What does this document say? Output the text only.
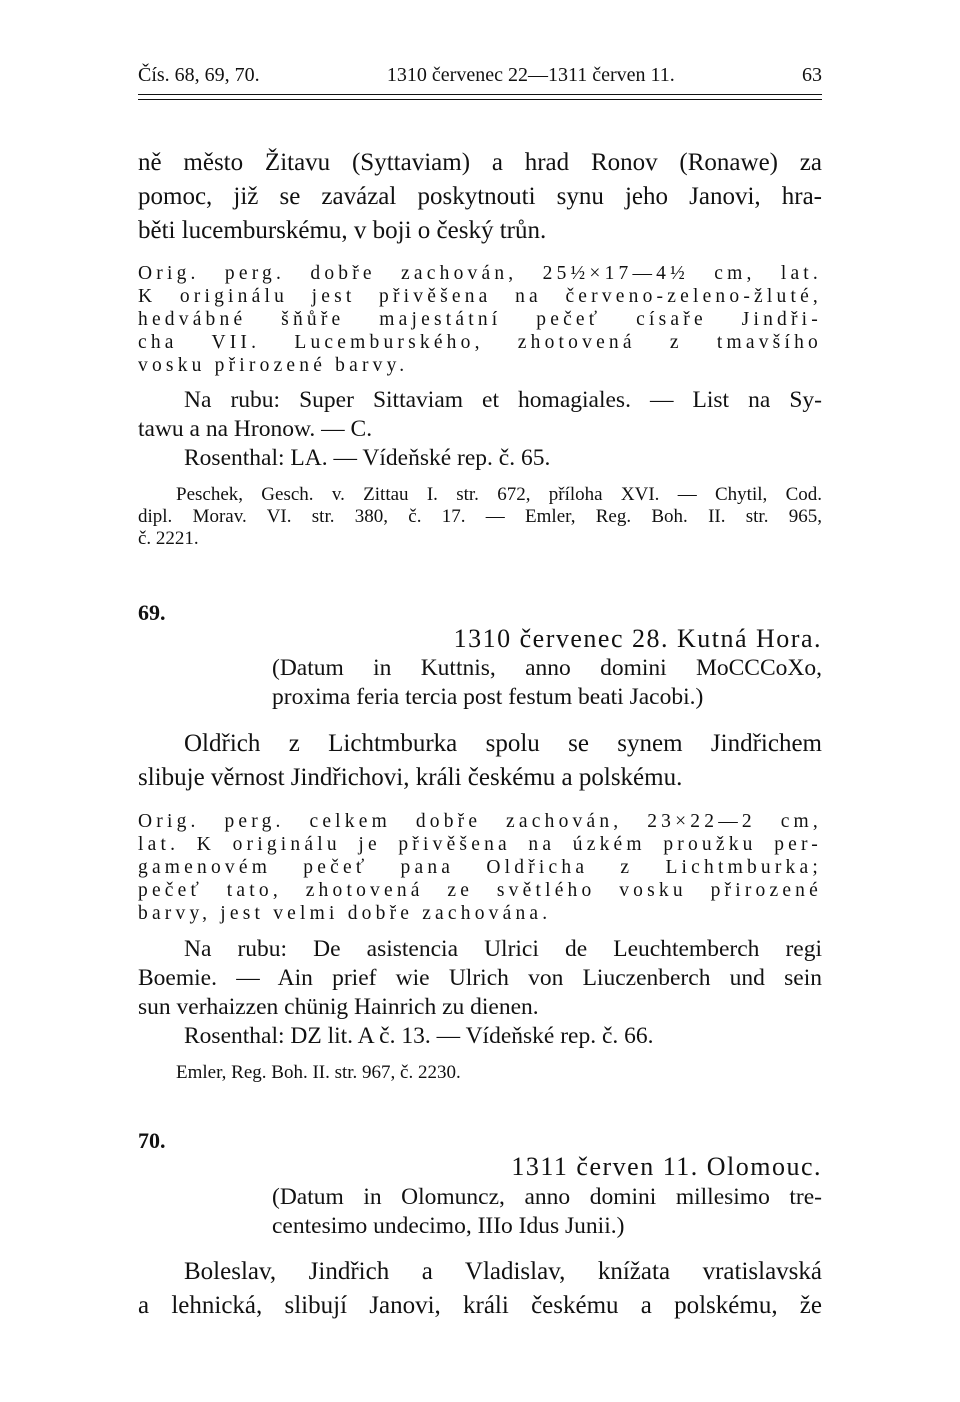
Čís. 68, 69, 70.	1310 červenec 22—1311 červen 11.	63
ně město Žitavu (Syttaviam) a hrad Ronov (Ronawe) za
pomoc, již se zavázal poskytnouti synu jeho Janovi, hra-
běti lucemburskému, v boji o český trůn.
Orig. perg. dobře zachován, 25½×17—4½ cm, lat.
K originálu jest přivěšena na červeno-zeleno-žluté,
hedvábné šňůře majestátní pečeť císaře Jindři-
cha VII. Lucemburského, zhotovená z tmavšího
vosku přirozené barvy.
Na rubu: Super Sittaviam et homagiales. — List na Sy-
tawu a na Hronow. — C.
Rosenthal: LA. — Vídeňské rep. č. 65.
Peschek, Gesch. v. Zittau I. str. 672, příloha XVI. — Chytil, Cod.
dipl. Morav. VI. str. 380, č. 17. — Emler, Reg. Boh. II. str. 965,
č. 2221.
69.
1310 červenec 28. Kutná Hora.
(Datum in Kuttnis, anno domini MoCCCoXo,
proxima feria tercia post festum beati Jacobi.)
Oldřich z Lichtmburka spolu se synem Jindřichem
slibuje věrnost Jindřichovi, králi českému a polskému.
Orig. perg. celkem dobře zachován, 23×22—2 cm,
lat. K originálu je přivěšena na úzkém proužku per-
gamenovém pečeť pana Oldřicha z Lichtmburka;
pečeť tato, zhotovená ze světlého vosku přirozené
barvy, jest velmi dobře zachována.
Na rubu: De asistencia Ulrici de Leuchtemberch regi
Boemie. — Ain prief wie Ulrich von Liuczenberch und sein
sun verhaizzen chünig Hainrich zu dienen.
Rosenthal: DZ lit. A č. 13. — Vídeňské rep. č. 66.
Emler, Reg. Boh. II. str. 967, č. 2230.
70.
1311 červen 11. Olomouc.
(Datum in Olomuncz, anno domini millesimo tre-
centesimo undecimo, IIIo Idus Junii.)
Boleslav, Jindřich a Vladislav, knížata vratislavská
a lehnická, slibují Janovi, králi českému a polskému, že
